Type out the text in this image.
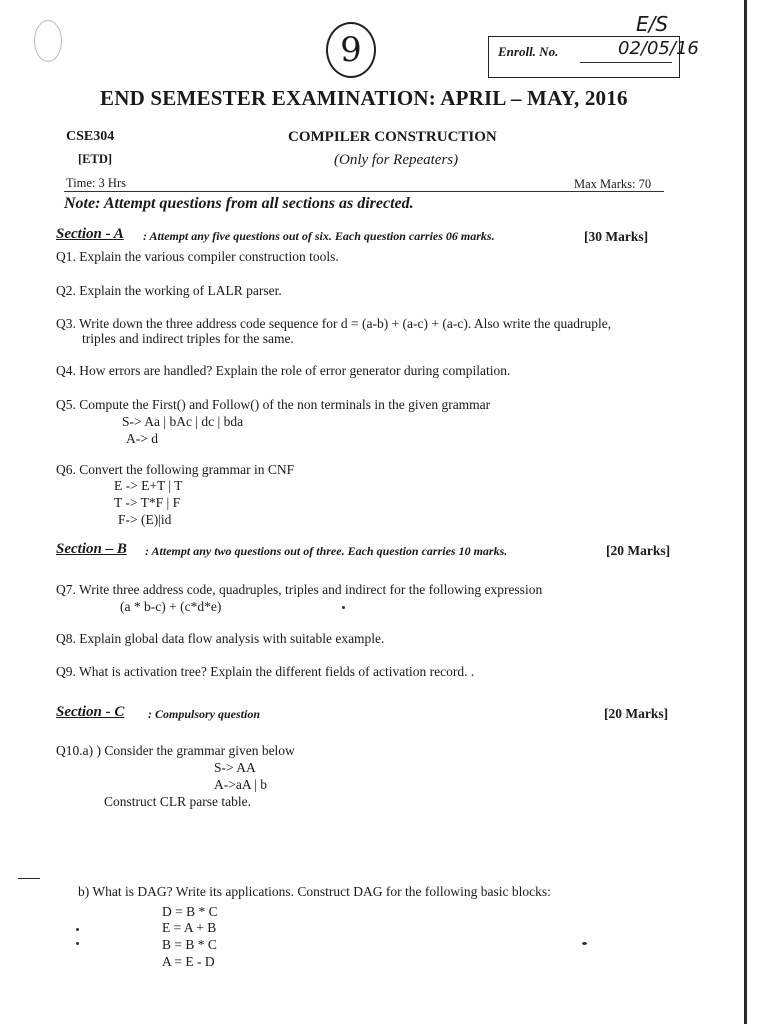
9
E/S
Enroll. No.	02/05/16
END SEMESTER EXAMINATION: APRIL – MAY, 2016
CSE304	COMPILER CONSTRUCTION
[ETD]	(Only for Repeaters)
Time: 3 Hrs	Max Marks: 70
Note: Attempt questions from all sections as directed.
Section - A : Attempt any five questions out of six. Each question carries 06 marks.	[30 Marks]
Q1. Explain the various compiler construction tools.
Q2. Explain the working of LALR parser.
Q3. Write down the three address code sequence for d = (a-b) + (a-c) + (a-c). Also write the quadruple,
triples and indirect triples for the same.
Q4. How errors are handled? Explain the role of error generator during compilation.
Q5. Compute the First() and Follow() of the non terminals in the given grammar
S-> Aa | bAc | dc | bda
A-> d
Q6. Convert the following grammar in CNF
E -> E+T | T
T -> T*F | F
F-> (E)|id
Section – B : Attempt any two questions out of three. Each question carries 10 marks.	[20 Marks]
Q7. Write three address code, quadruples, triples and indirect for the following expression
(a * b-c) + (c*d*e)
Q8. Explain global data flow analysis with suitable example.
Q9. What is activation tree? Explain the different fields of activation record. .
Section - C : Compulsory question	[20 Marks]
Q10.a) ) Consider the grammar given below
S-> AA
A->aA | b
Construct CLR parse table.
b) What is DAG? Write its applications. Construct DAG for the following basic blocks:
D = B * C
E = A + B
B = B * C
A = E - D
